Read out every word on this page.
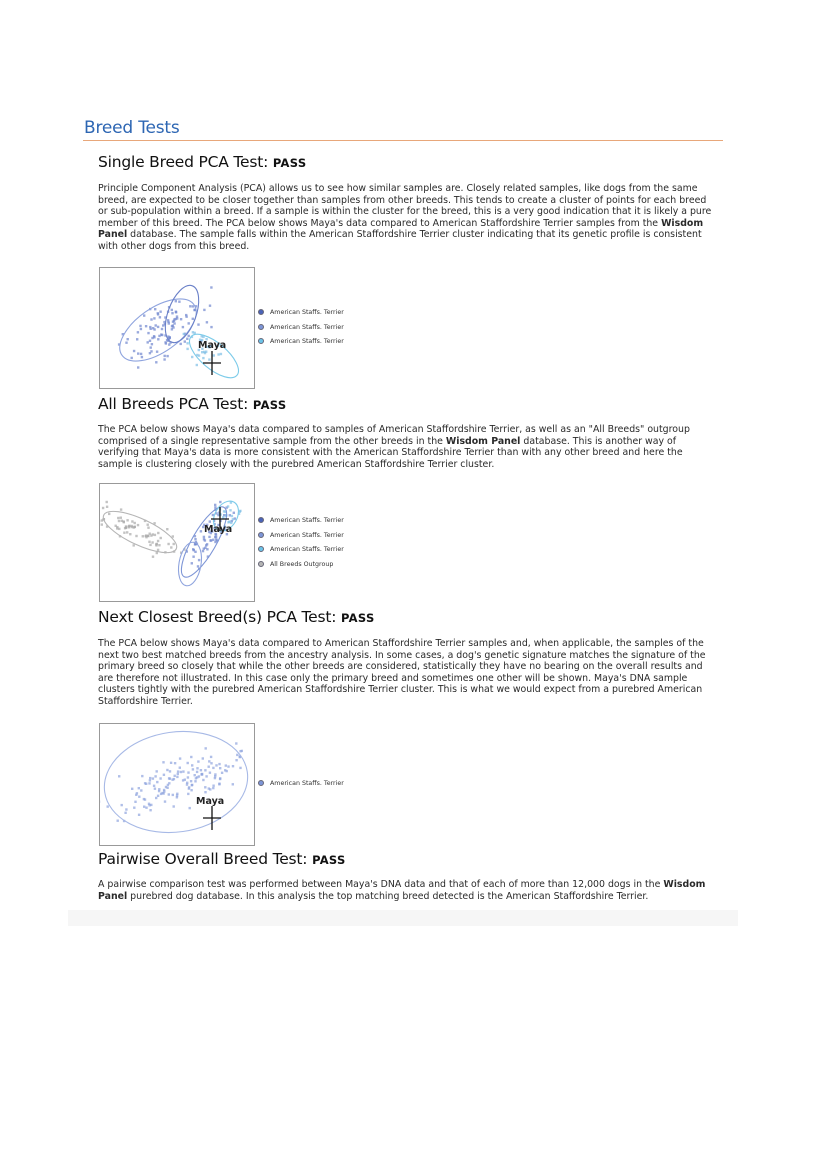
Breed Tests
Single Breed PCA Test: PASS
Principle Component Analysis (PCA) allows us to see how similar samples are. Closely related samples, like dogs from the same breed, are expected to be closer together than samples from other breeds. This tends to create a cluster of points for each breed or sub-population within a breed. If a sample is within the cluster for the breed, this is a very good indication that it is likely a pure member of this breed. The PCA below shows Maya's data compared to American Staffordshire Terrier samples from the Wisdom Panel database. The sample falls within the American Staffordshire Terrier cluster indicating that its genetic profile is consistent with other dogs from this breed.
Maya
American Staffs. Terrier
American Staffs. Terrier
American Staffs. Terrier
All Breeds PCA Test: PASS
The PCA below shows Maya's data compared to samples of American Staffordshire Terrier, as well as an "All Breeds" outgroup comprised of a single representative sample from the other breeds in the Wisdom Panel database. This is another way of verifying that Maya's data is more consistent with the American Staffordshire Terrier than with any other breed and here the sample is clustering closely with the purebred American Staffordshire Terrier cluster.
Maya
American Staffs. Terrier
American Staffs. Terrier
American Staffs. Terrier
All Breeds Outgroup
Next Closest Breed(s) PCA Test: PASS
The PCA below shows Maya's data compared to American Staffordshire Terrier samples and, when applicable, the samples of the next two best matched breeds from the ancestry analysis. In some cases, a dog's genetic signature matches the signature of the primary breed so closely that while the other breeds are considered, statistically they have no bearing on the overall results and are therefore not illustrated. In this case only the primary breed and sometimes one other will be shown. Maya's DNA sample clusters tightly with the purebred American Staffordshire Terrier cluster. This is what we would expect from a purebred American Staffordshire Terrier.
Maya
American Staffs. Terrier
Pairwise Overall Breed Test: PASS
A pairwise comparison test was performed between Maya's DNA data and that of each of more than 12,000 dogs in the Wisdom Panel purebred dog database. In this analysis the top matching breed detected is the American Staffordshire Terrier.
